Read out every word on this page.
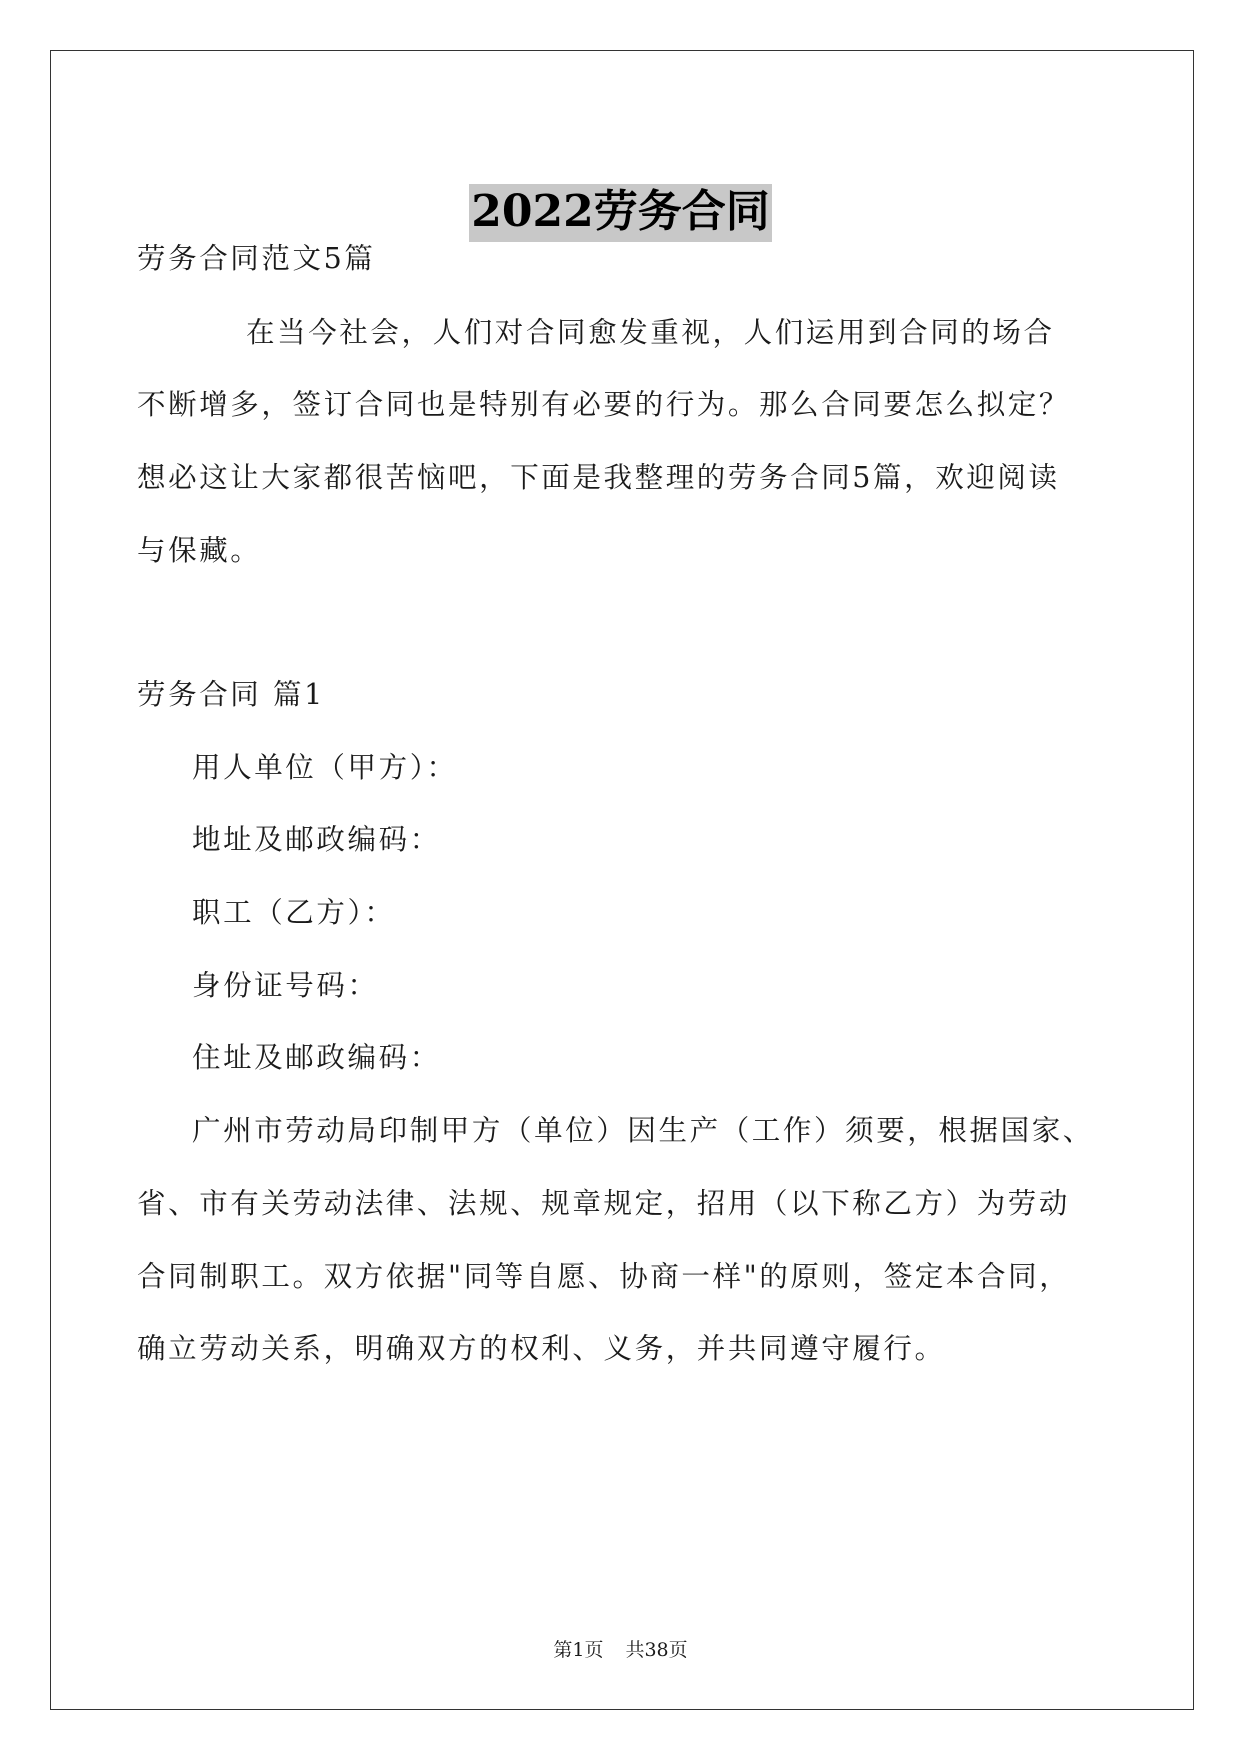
2022劳务合同

劳务合同范文5篇

在当今社会，人们对合同愈发重视，人们运用到合同的场合

不断增多，签订合同也是特别有必要的行为。那么合同要怎么拟定？

想必这让大家都很苦恼吧，下面是我整理的劳务合同5篇，欢迎阅读

与保藏。

劳务合同 篇1

用人单位（甲方）：

地址及邮政编码：

职工（乙方）：

身份证号码：

住址及邮政编码：

广州市劳动局印制甲方（单位）因生产（工作）须要，根据国家、

省、市有关劳动法律、法规、规章规定，招用（以下称乙方）为劳动

合同制职工。双方依据"同等自愿、协商一样"的原则，签定本合同，

确立劳动关系，明确双方的权利、义务，并共同遵守履行。

第1页 共38页
